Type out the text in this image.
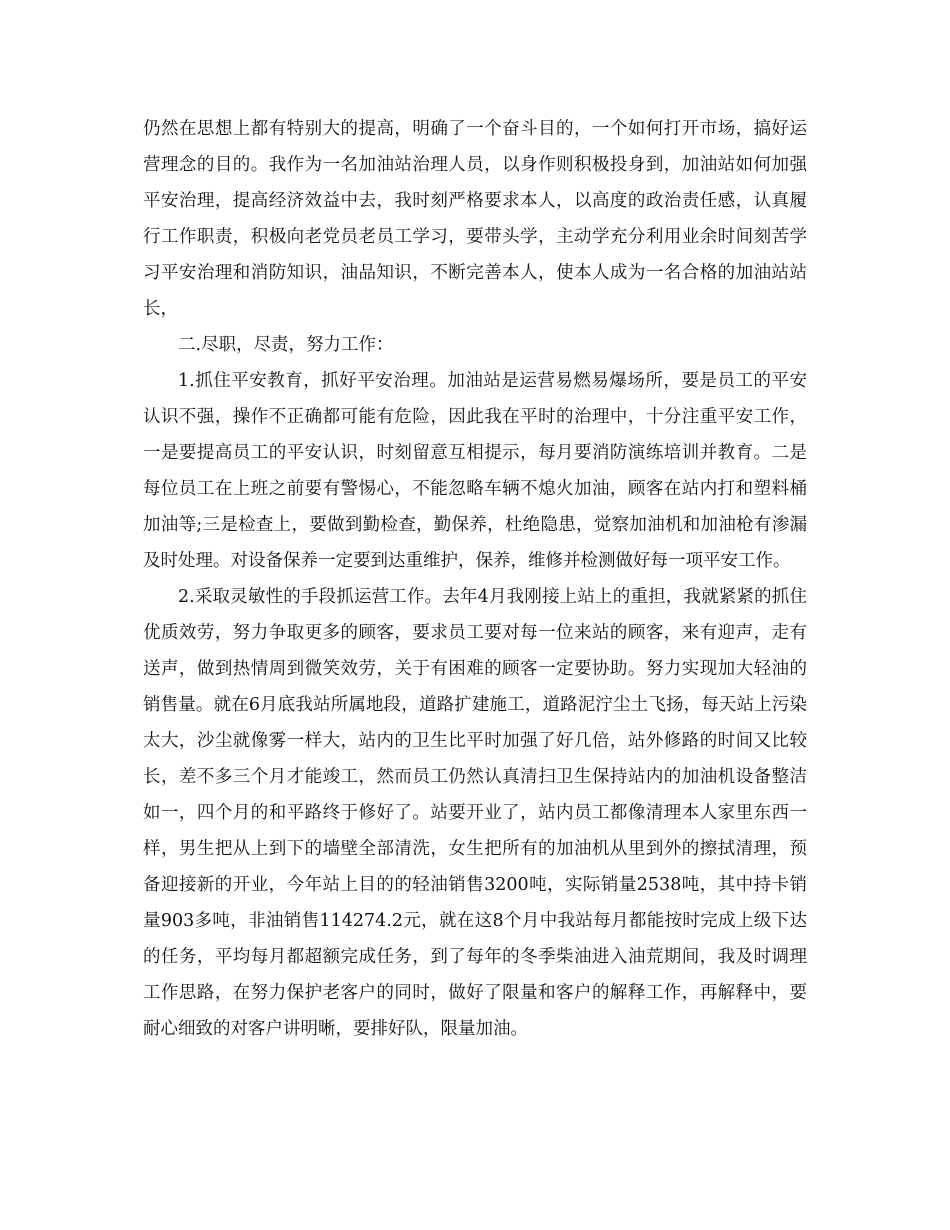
仍然在思想上都有特别大的提高，明确了一个奋斗目的，一个如何打开市场，搞好运营理念的目的。我作为一名加油站治理人员，以身作则积极投身到，加油站如何加强平安治理，提高经济效益中去，我时刻严格要求本人，以高度的政治责任感，认真履行工作职责，积极向老党员老员工学习，要带头学，主动学充分利用业余时间刻苦学习平安治理和消防知识，油品知识，不断完善本人，使本人成为一名合格的加油站站长，

二.尽职，尽责，努力工作：

1.抓住平安教育，抓好平安治理。加油站是运营易燃易爆场所，要是员工的平安认识不强，操作不正确都可能有危险，因此我在平时的治理中，十分注重平安工作，一是要提高员工的平安认识，时刻留意互相提示，每月要消防演练培训并教育。二是每位员工在上班之前要有警惕心，不能忽略车辆不熄火加油，顾客在站内打和塑料桶加油等;三是检查上，要做到勤检查，勤保养，杜绝隐患，觉察加油机和加油枪有渗漏及时处理。对设备保养一定要到达重维护，保养，维修并检测做好每一项平安工作。

2.采取灵敏性的手段抓运营工作。去年4月我刚接上站上的重担，我就紧紧的抓住优质效劳，努力争取更多的顾客，要求员工要对每一位来站的顾客，来有迎声，走有送声，做到热情周到微笑效劳，关于有困难的顾客一定要协助。努力实现加大轻油的销售量。就在6月底我站所属地段，道路扩建施工，道路泥泞尘土飞扬，每天站上污染太大，沙尘就像雾一样大，站内的卫生比平时加强了好几倍，站外修路的时间又比较长，差不多三个月才能竣工，然而员工仍然认真清扫卫生保持站内的加油机设备整洁如一，四个月的和平路终于修好了。站要开业了，站内员工都像清理本人家里东西一样，男生把从上到下的墙壁全部清洗，女生把所有的加油机从里到外的擦拭清理，预备迎接新的开业，今年站上目的的轻油销售3200吨，实际销量2538吨，其中持卡销量903多吨，非油销售114274.2元，就在这8个月中我站每月都能按时完成上级下达的任务，平均每月都超额完成任务，到了每年的冬季柴油进入油荒期间，我及时调理工作思路，在努力保护老客户的同时，做好了限量和客户的解释工作，再解释中，要耐心细致的对客户讲明晰，要排好队，限量加油。
